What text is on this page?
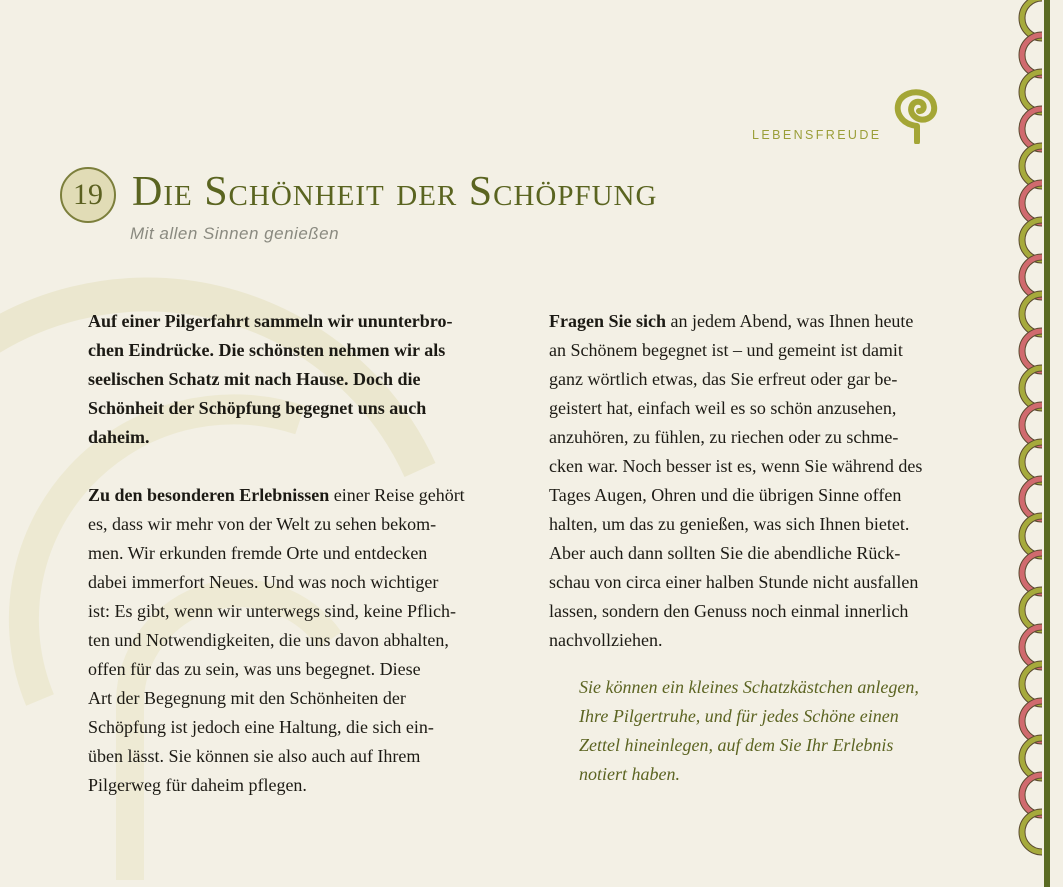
LEBENSFREUDE
19 Die Schönheit der Schöpfung
Mit allen Sinnen genießen
Auf einer Pilgerfahrt sammeln wir ununterbro-
chen Eindrücke. Die schönsten nehmen wir als
seelischen Schatz mit nach Hause. Doch die
Schönheit der Schöpfung begegnet uns auch
daheim.
Zu den besonderen Erlebnissen einer Reise gehört
es, dass wir mehr von der Welt zu sehen bekom-
men. Wir erkunden fremde Orte und entdecken
dabei immerfort Neues. Und was noch wichtiger
ist: Es gibt, wenn wir unterwegs sind, keine Pflich-
ten und Notwendigkeiten, die uns davon abhalten,
offen für das zu sein, was uns begegnet. Diese
Art der Begegnung mit den Schönheiten der
Schöpfung ist jedoch eine Haltung, die sich ein-
üben lässt. Sie können sie also auch auf Ihrem
Pilgerweg für daheim pflegen.
Fragen Sie sich an jedem Abend, was Ihnen heute
an Schönem begegnet ist – und gemeint ist damit
ganz wörtlich etwas, das Sie erfreut oder gar be-
geistert hat, einfach weil es so schön anzusehen,
anzuhören, zu fühlen, zu riechen oder zu schme-
cken war. Noch besser ist es, wenn Sie während des
Tages Augen, Ohren und die übrigen Sinne offen
halten, um das zu genießen, was sich Ihnen bietet.
Aber auch dann sollten Sie die abendliche Rück-
schau von circa einer halben Stunde nicht ausfallen
lassen, sondern den Genuss noch einmal innerlich
nachvollziehen.
Sie können ein kleines Schatzkästchen anlegen,
Ihre Pilgertruhe, und für jedes Schöne einen
Zettel hineinlegen, auf dem Sie Ihr Erlebnis
notiert haben.
